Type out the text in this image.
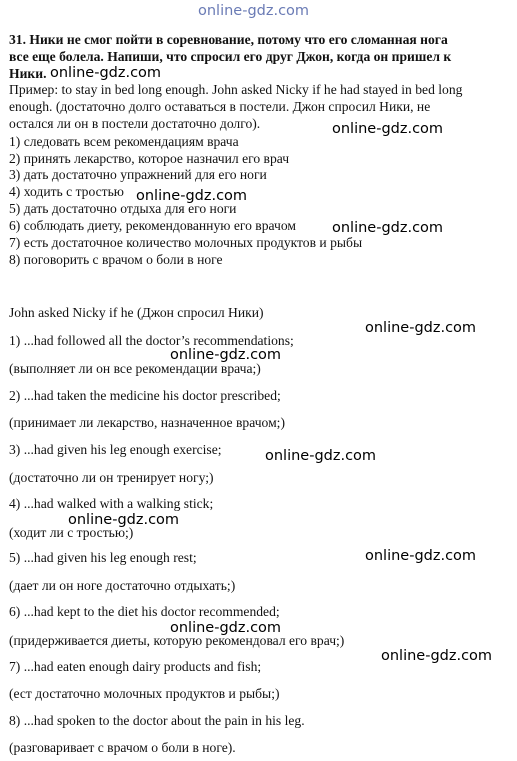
online-gdz.com
31. Ники не смог пойти в соревнование, потому что его сломанная нога
все еще болела. Напиши, что спросил его друг Джон, когда он пришел к
Ники. online-gdz.com
Пример: to stay in bed long enough. John asked Nicky if he had stayed in bed long
enough. (достаточно долго оставаться в постели. Джон спросил Ники, не
остался ли он в постели достаточно долго).	online-gdz.com
1) следовать всем рекомендациям врача
2) принять лекарство, которое назначил его врач
3) дать достаточно упражнений для его ноги
4) ходить с тростью online-gdz.com
5) дать достаточно отдыха для его ноги
6) соблюдать диету, рекомендованную его врачом online-gdz.com
7) есть достаточное количество молочных продуктов и рыбы
8) поговорить с врачом о боли в ноге
John asked Nicky if he (Джон спросил Ники)
online-gdz.com
1) ...had followed all the doctor’s recommendations;
online-gdz.com
(выполняет ли он все рекомендации врача;)
2) ...had taken the medicine his doctor prescribed;
(принимает ли лекарство, назначенное врачом;)
3) ...had given his leg enough exercise;	online-gdz.com
(достаточно ли он тренирует ногу;)
4) ...had walked with a walking stick;
online-gdz.com
(ходит ли с тростью;)
5) ...had given his leg enough rest;	online-gdz.com
(дает ли он ноге достаточно отдыхать;)
6) ...had kept to the diet his doctor recommended;
online-gdz.com
(придерживается диеты, которую рекомендовал его врач;)
online-gdz.com
7) ...had eaten enough dairy products and fish;
(ест достаточно молочных продуктов и рыбы;)
8) ...had spoken to the doctor about the pain in his leg.
(разговаривает с врачом о боли в ноге).
